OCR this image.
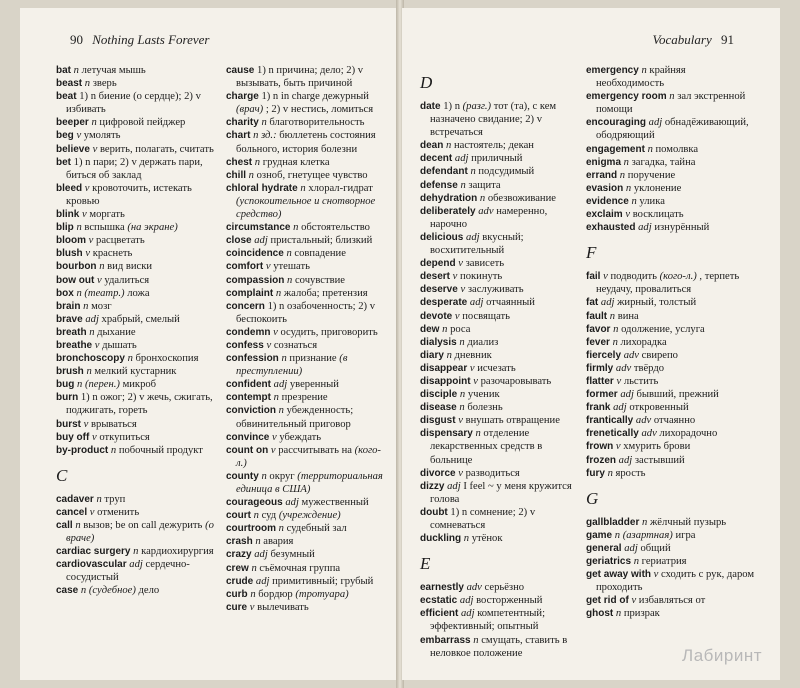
90 Nothing Lasts Forever
bat n летучая мышь
beast n зверь
beat 1) n биение (о сердце); 2) v избивать
beeper n цифровой пейджер
beg v умолять
believe v верить, полагать, считать
bet 1) n пари; 2) v держать пари, биться об заклад
bleed v кровоточить, истекать кровью
blink v моргать
blip n вспышка (на экране)
bloom v расцветать
blush v краснеть
bourbon n вид виски
bow out v удалиться
box n (театр.) ложа
brain n мозг
brave adj храбрый, смелый
breath n дыхание
breathe v дышать
bronchoscopy n бронхоскопия
brush n мелкий кустарник
bug n (перен.) микроб
burn 1) n ожог; 2) v жечь, сжигать, поджигать, гореть
burst v врываться
buy off v откупиться
by-product n побочный продукт
C
cadaver n труп
cancel v отменить
call n вызов; be on call дежурить (о враче)
cardiac surgery n кардиохирургия
cardiovascular adj сердечно-сосудистый
case n (судебное) дело
cause 1) n причина; дело; 2) v вызывать, быть причиной
charge 1) n in charge дежурный (врач) ; 2) v нестись, ломиться
charity n благотворительность
chart n зд.: бюллетень состояния больного, история болезни
chest n грудная клетка
chill n озноб, гнетущее чувство
chloral hydrate n хлорал-гидрат (успокоительное и снотворное средство)
circumstance n обстоятельство
close adj пристальный; близкий
coincidence n совпадение
comfort v утешать
compassion n сочувствие
complaint n жалоба; претензия
concern 1) n озабоченность; 2) v беспокоить
condemn v осудить, приговорить
confess v сознаться
confession n признание (в преступлении)
confident adj уверенный
contempt n презрение
conviction n убежденность; обвинительный приговор
convince v убеждать
count on v рассчитывать на (кого-л.)
county n округ (территориальная единица в США)
courageous adj мужественный
court n суд (учреждение)
courtroom n судебный зал
crash n авария
crazy adj безумный
crew n съёмочная группа
crude adj примитивный; грубый
curb n бордюр (тротуара)
cure v вылечивать
Vocabulary 91
D
date 1) n (разг.) тот (та), с кем назначено свидание; 2) v встречаться
dean n настоятель; декан
decent adj приличный
defendant n подсудимый
defense n защита
dehydration n обезвоживание
deliberately adv намеренно, нарочно
delicious adj вкусный; восхитительный
depend v зависеть
desert v покинуть
deserve v заслуживать
desperate adj отчаянный
devote v посвящать
dew n роса
dialysis n диализ
diary n дневник
disappear v исчезать
disappoint v разочаровывать
disciple n ученик
disease n болезнь
disgust v внушать отвращение
dispensary n отделение лекарственных средств в больнице
divorce v разводиться
dizzy adj I feel ~ у меня кружится голова
doubt 1) n сомнение; 2) v сомневаться
duckling n утёнок
E
earnestly adv серьёзно
ecstatic adj восторженный
efficient adj компетентный; эффективный; опытный
embarrass n смущать, ставить в неловкое положение
emergency n крайняя необходимость
emergency room n зал экстренной помощи
encouraging adj обнадёживающий, ободряющий
engagement n помолвка
enigma n загадка, тайна
errand n поручение
evasion n уклонение
evidence n улика
exclaim v восклицать
exhausted adj изнурённый
F
fail v подводить (кого-л.) , терпеть неудачу, провалиться
fat adj жирный, толстый
fault n вина
favor n одолжение, услуга
fever n лихорадка
fiercely adv свирепо
firmly adv твёрдо
flatter v льстить
former adj бывший, прежний
frank adj откровенный
frantically adv отчаянно
frenetically adv лихорадочно
frown v хмурить брови
frozen adj застывший
fury n ярость
G
gallbladder n жёлчный пузырь
game n (азартная) игра
general adj общий
geriatrics n гериатрия
get away with v сходить с рук, даром проходить
get rid of v избавляться от
ghost n призрак
Лабиринт
